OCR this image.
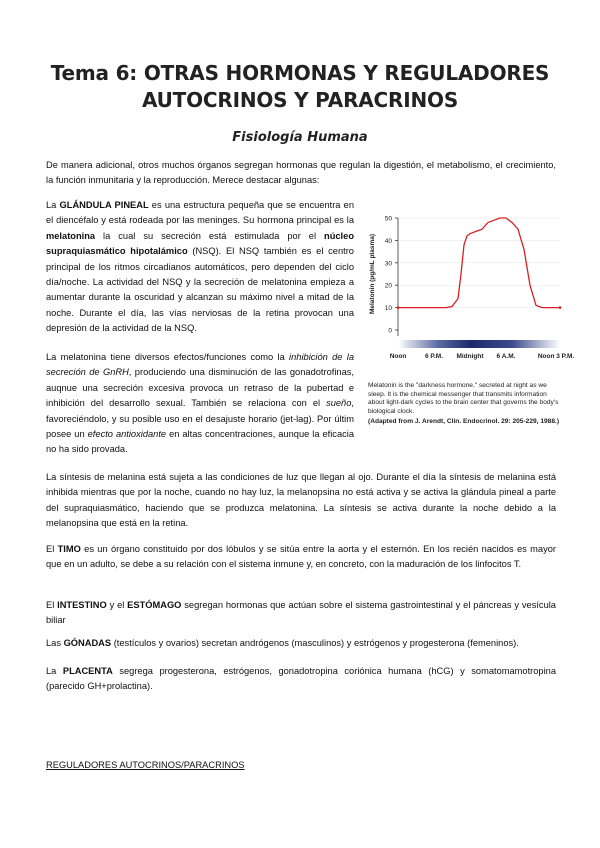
Tema 6: OTRAS HORMONAS Y REGULADORES
AUTOCRINOS Y PARACRINOS
Fisiología Humana

De manera adicional, otros muchos órganos segregan hormonas que regulan la digestión, el metabolismo, el crecimiento, la función inmunitaria y la reproducción. Merece destacar algunas:

La GLÁNDULA PINEAL es una estructura pequeña que se encuentra en el diencéfalo y está rodeada por las meninges. Su hormona principal es la melatonina la cual su secreción está estimulada por el núcleo supraquiasmático hipotalámico (NSQ). El NSQ también es el centro principal de los ritmos circadianos automáticos, pero dependen del ciclo día/noche. La actividad del NSQ y la secreción de melatonina empieza a aumentar durante la oscuridad y alcanzan su máximo nivel a mitad de la noche. Durante el día, las vías nerviosas de la retina provocan una depresión de la actividad de la NSQ.

La melatonina tiene diversos efectos/funciones como la inhibición de la secreción de GnRH, produciendo una disminución de las gonadotrofinas, auqnue una secreción excesiva provoca un retraso de la pubertad e inhibición del desarrollo sexual. También se relaciona con el sueño, favoreciéndolo, y su posible uso en el desajuste horario (jet-lag). Por últim posee un efecto antioxidante en altas concentraciones, aunque la eficacia no ha sido provada.

0
10
20
30
40
50
Melatonin (pg/mL plasma)
Noon	6 P.M. Midnight 6 A.M.	Noon 3 P.M.
Melatonin is the "darkness hormone," secreted at night as we sleep. It is the chemical messenger that transmits information about light-dark cycles to the brain center that governs the body's biological clock.
(Adapted from J. Arendt, Clin. Endocrinol. 29: 205-229, 1988.)

La síntesis de melanina está sujeta a las condiciones de luz que llegan al ojo. Durante el día la síntesis de melanina está inhibida mientras que por la noche, cuando no hay luz, la melanopsina no está activa y se activa la glándula pineal a parte del supraquiasmático, haciendo que se produzca melatonina. La síntesis se activa durante la noche debido a la melanopsina que está en la retina.

El TIMO es un órgano constituido por dos lóbulos y se sitúa entre la aorta y el esternón. En los recién nacidos es mayor que en un adulto, se debe a su relación con el sistema inmune y, en concreto, con la maduración de los linfocitos T.

El INTESTINO y el ESTÓMAGO segregan hormonas que actúan sobre el sistema gastrointestinal y el páncreas y vesícula biliar

Las GÓNADAS (testículos y ovarios) secretan andrógenos (masculinos) y estrógenos y progesterona (femeninos).

La PLACENTA segrega progesterona, estrógenos, gonadotropina coriónica humana (hCG) y somatomamotropina (parecido GH+prolactina).

REGULADORES AUTOCRINOS/PARACRINOS
